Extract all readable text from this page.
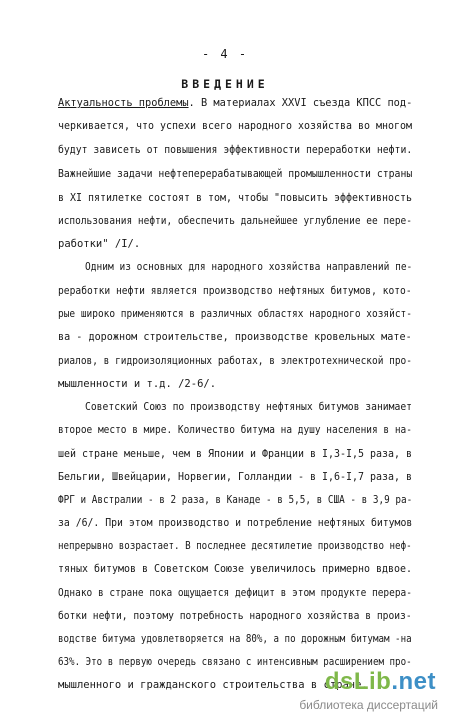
- 4 -
ВВЕДЕНИЕ
Актуальность проблемы. В материалах XXVI съезда КПСС под-
черкивается, что успехи всего народного хозяйства во многом
будут зависеть от повышения эффективности переработки нефти.
Важнейшие задачи нефтеперерабатывающей промышленности страны
в XI пятилетке состоят в том, чтобы "повысить эффективность
использования нефти, обеспечить дальнейшее углубление ее пере-
работки" /I/.
Одним из основных для народного хозяйства направлений пе-
реработки нефти является производство нефтяных битумов, кото-
рые широко применяются в различных областях народного хозяйст-
ва - дорожном строительстве, производстве кровельных мате-
риалов, в гидроизоляционных работах, в электротехнической про-
мышленности и т.д. /2-6/.
Советский Союз по производству нефтяных битумов занимает
второе место в мире. Количество битума на душу населения в на-
шей стране меньше, чем в Японии и Франции в I,3-I,5 раза, в
Бельгии, Швейцарии, Норвегии, Голландии - в I,6-I,7 раза, в
ФРГ и Австралии - в 2 раза, в Канаде - в 5,5, в США - в 3,9 ра-
за /6/. При этом производство и потребление нефтяных битумов
непрерывно возрастает. В последнее десятилетие производство неф-
тяных битумов в Советском Союзе увеличилось примерно вдвое.
Однако в стране пока ощущается дефицит в этом продукте перера-
ботки нефти, поэтому потребность народного хозяйства в произ-
водстве битума удовлетворяется на 80%, а по дорожным битумам -на
63%. Это в первую очередь связано с интенсивным расширением про-
мышленного и гражданского строительства в стране.
dsLib.net
библиотека диссертаций
